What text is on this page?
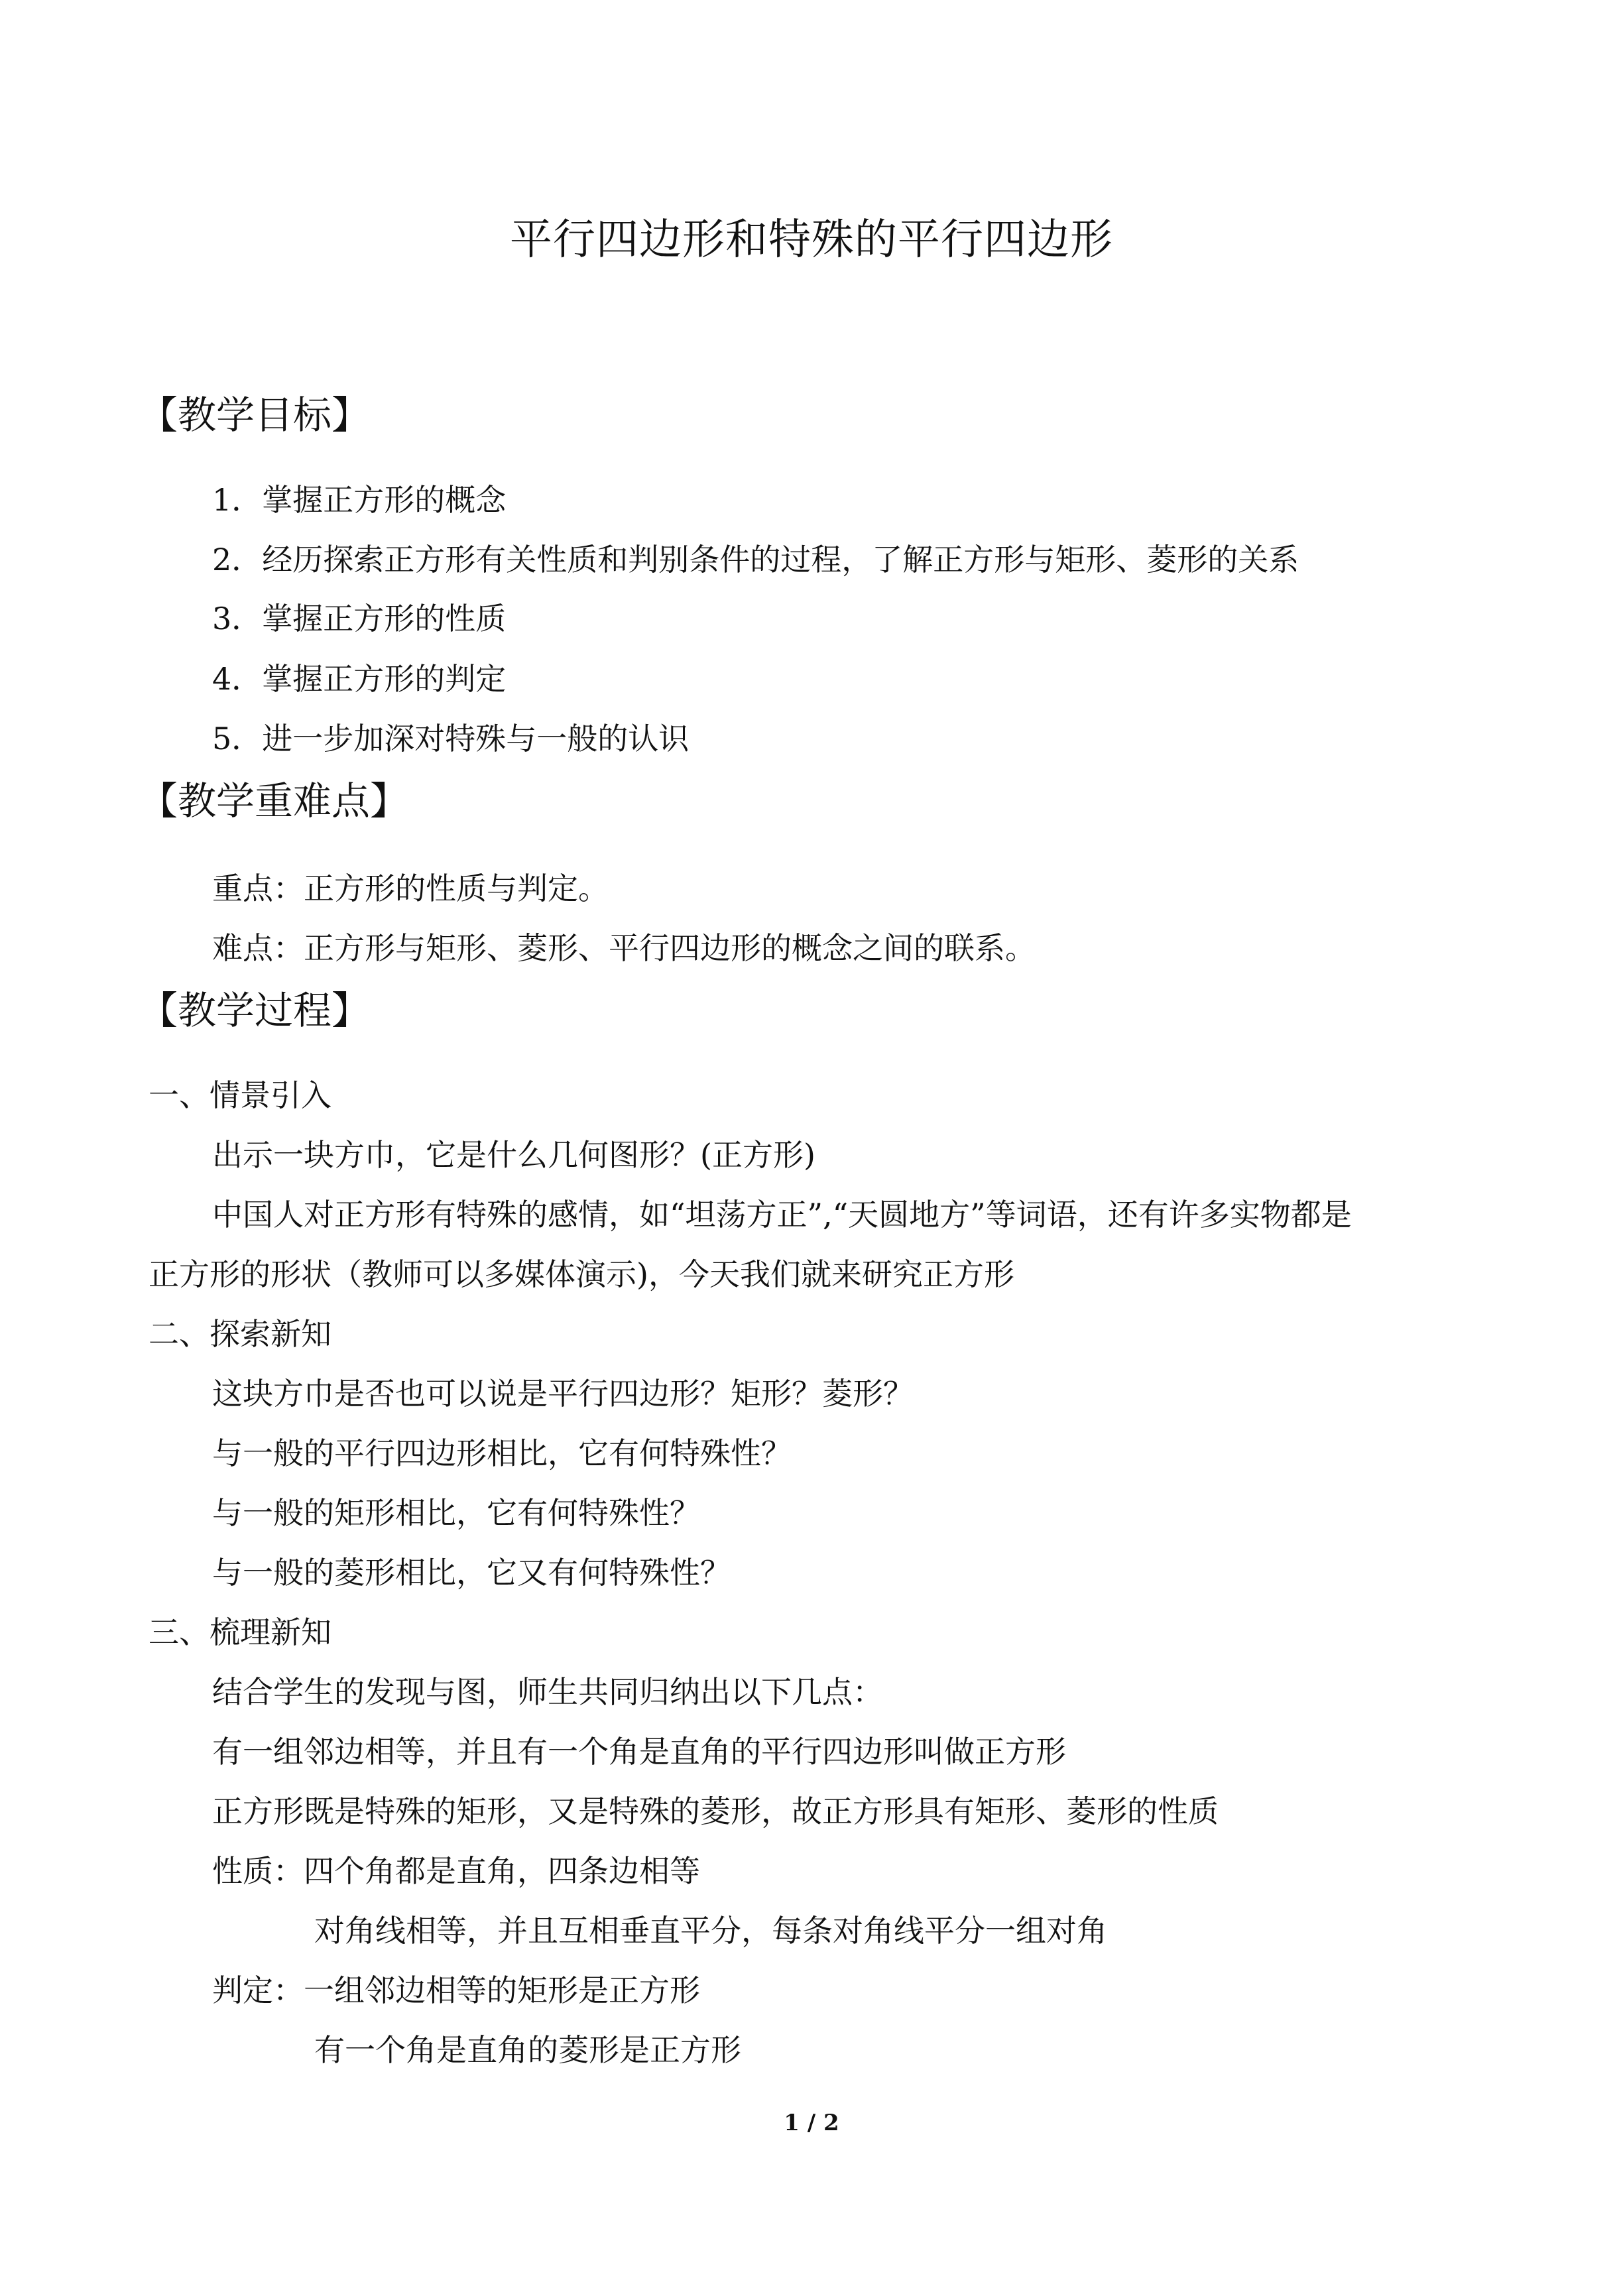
平行四边形和特殊的平行四边形
【教学目标】
1．掌握正方形的概念
2．经历探索正方形有关性质和判别条件的过程，了解正方形与矩形、菱形的关系
3．掌握正方形的性质
4．掌握正方形的判定
5．进一步加深对特殊与一般的认识
【教学重难点】
重点：正方形的性质与判定。
难点：正方形与矩形、菱形、平行四边形的概念之间的联系。
【教学过程】
一、情景引入
出示一块方巾，它是什么几何图形？(正方形)
中国人对正方形有特殊的感情，如“坦荡方正”,“天圆地方”等词语，还有许多实物都是
正方形的形状（教师可以多媒体演示)，今天我们就来研究正方形
二、探索新知
这块方巾是否也可以说是平行四边形？矩形？菱形？
与一般的平行四边形相比，它有何特殊性？
与一般的矩形相比，它有何特殊性？
与一般的菱形相比，它又有何特殊性？
三、梳理新知
结合学生的发现与图，师生共同归纳出以下几点：
有一组邻边相等，并且有一个角是直角的平行四边形叫做正方形
正方形既是特殊的矩形，又是特殊的菱形，故正方形具有矩形、菱形的性质
性质：四个角都是直角，四条边相等
对角线相等，并且互相垂直平分，每条对角线平分一组对角
判定：一组邻边相等的矩形是正方形
有一个角是直角的菱形是正方形
1 / 2
